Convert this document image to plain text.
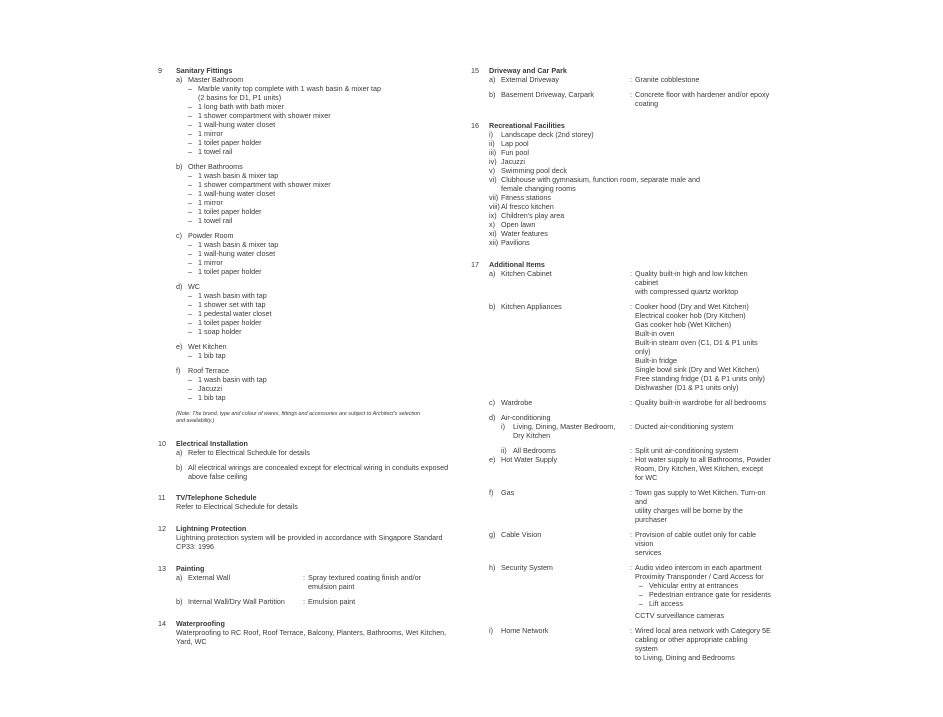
9 Sanitary Fittings
a) Master Bathroom
– Marble vanity top complete with 1 wash basin & mixer tap
(2 basins for D1, P1 units)
– 1 long bath with bath mixer
– 1 shower compartment with shower mixer
– 1 wall-hung water closet
– 1 mirror
– 1 toilet paper holder
– 1 towel rail
b) Other Bathrooms
– 1 wash basin & mixer tap
– 1 shower compartment with shower mixer
– 1 wall-hung water closet
– 1 mirror
– 1 toilet paper holder
– 1 towel rail
c) Powder Room
– 1 wash basin & mixer tap
– 1 wall-hung water closet
– 1 mirror
– 1 toilet paper holder
d) WC
– 1 wash basin with tap
– 1 shower set with tap
– 1 pedestal water closet
– 1 toilet paper holder
– 1 soap holder
e) Wet Kitchen
– 1 bib tap
f) Roof Terrace
– 1 wash basin with tap
– Jacuzzi
– 1 bib tap
(Note: The brand, type and colour of wares, fittings and accessories are subject to Architect's selection
and availability.)
10 Electrical Installation
a) Refer to Electrical Schedule for details
b) All electrical wirings are concealed except for electrical wiring in conduits exposed
above false ceiling
11 TV/Telephone Schedule
Refer to Electrical Schedule for details
12 Lightning Protection
Lightning protection system will be provided in accordance with Singapore Standard
CP33: 1996
13 Painting
a) External Wall	: Spray textured coating finish and/or
emulsion paint
b) Internal Wall/Dry Wall Partition	: Emulsion paint
14 Waterproofing
Waterproofing to RC Roof, Roof Terrace, Balcony, Planters, Bathrooms, Wet Kitchen,
Yard, WC
15 Driveway and Car Park
a) External Driveway	: Granite cobblestone
b) Basement Driveway, Carpark	: Concrete floor with hardener and/or epoxy
coating
16 Recreational Facilities
i) Landscape deck (2nd storey)
ii) Lap pool
iii) Fun pool
iv) Jacuzzi
v) Swimming pool deck
vi) Clubhouse with gymnasium, function room, separate male and
female changing rooms
vii) Fitness stations
viii) Al fresco kitchen
ix) Children's play area
x) Open lawn
xi) Water features
xii) Pavilions
17 Additional Items
a) Kitchen Cabinet	: Quality built-in high and low kitchen cabinet
with compressed quartz worktop
b) Kitchen Appliances	: Cooker hood (Dry and Wet Kitchen)
Electrical cooker hob (Dry Kitchen)
Gas cooker hob (Wet Kitchen)
Built-in oven
Built-in steam oven (C1, D1 & P1 units only)
Built-in fridge
Single bowl sink (Dry and Wet Kitchen)
Free standing fridge (D1 & P1 units only)
Dishwasher (D1 & P1 units only)
c) Wardrobe	: Quality built-in wardrobe for all bedrooms
d) Air-conditioning
i) Living, Dining, Master Bedroom,
Dry Kitchen
: Ducted air-conditioning system
ii) All Bedrooms	: Split unit air-conditioning system
e) Hot Water Supply	: Hot water supply to all Bathrooms, Powder
Room, Dry Kitchen, Wet Kitchen, except for WC
f) Gas	: Town gas supply to Wet Kitchen. Turn-on and
utility charges will be borne by the purchaser
g) Cable Vision	: Provision of cable outlet only for cable vision
services
h) Security System	: Audio video intercom in each apartment
Proximity Transponder / Card Access for
– Vehicular entry at entrances
– Pedestrian entrance gate for residents
– Lift access
CCTV surveillance cameras
i) Home Network	: Wired local area network with Category 5E
cabling or other appropriate cabling system
to Living, Dining and Bedrooms
